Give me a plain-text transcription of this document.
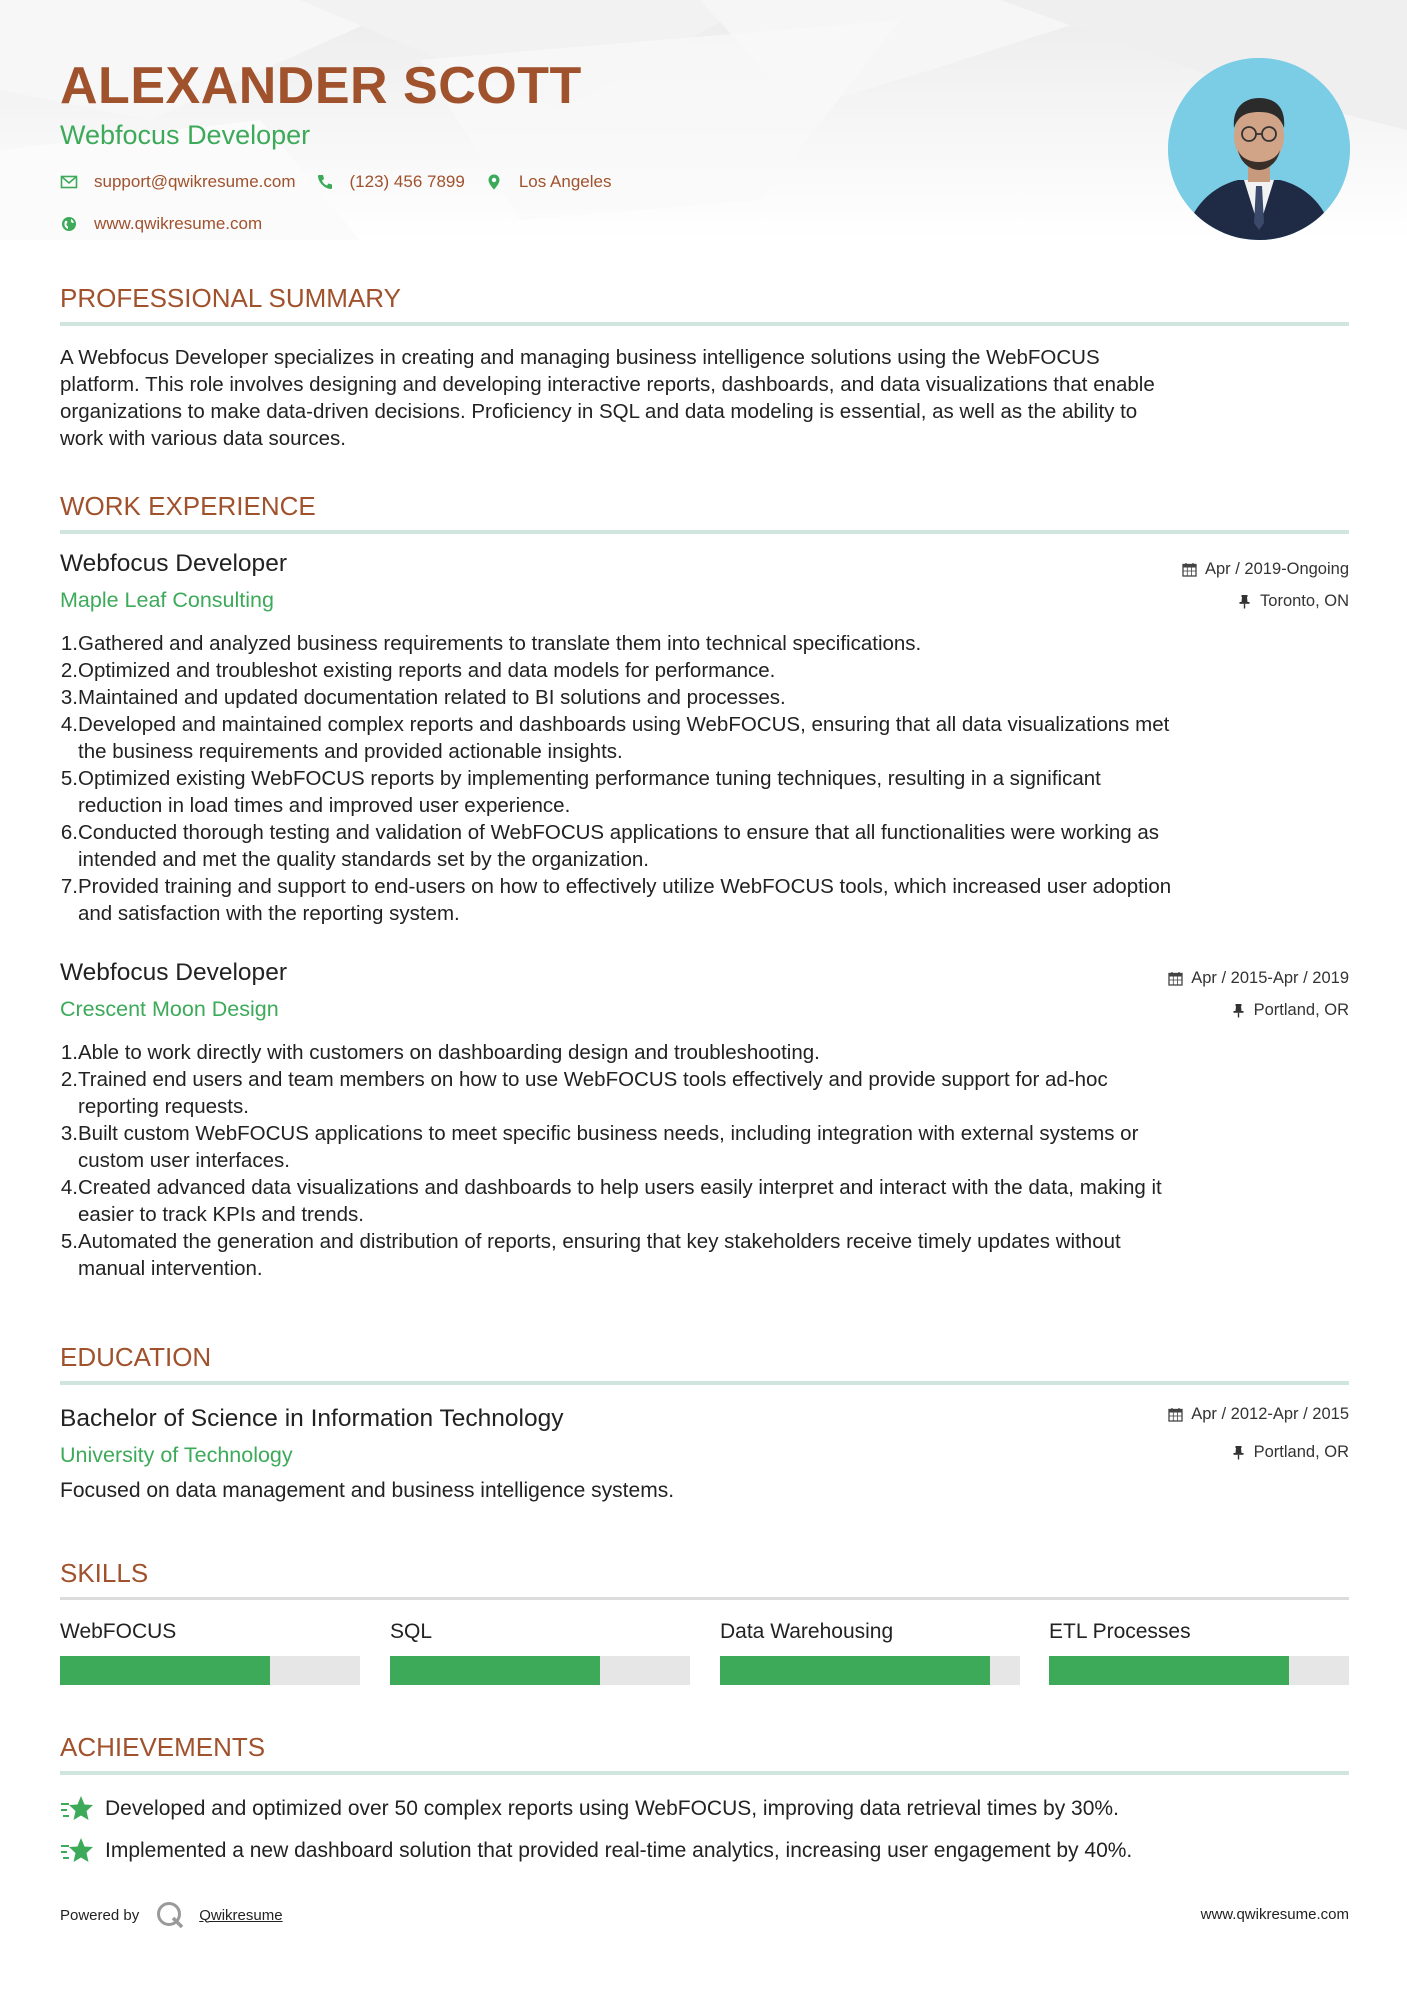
ALEXANDER SCOTT
Webfocus Developer
support@qwikresume.com	(123) 456 7899	Los Angeles
www.qwikresume.com
PROFESSIONAL SUMMARY
A Webfocus Developer specializes in creating and managing business intelligence solutions using the WebFOCUS
platform. This role involves designing and developing interactive reports, dashboards, and data visualizations that enable
organizations to make data-driven decisions. Proficiency in SQL and data modeling is essential, as well as the ability to
work with various data sources.
WORK EXPERIENCE
Webfocus Developer
Maple Leaf Consulting
Apr / 2019-Ongoing
Toronto, ON
1. Gathered and analyzed business requirements to translate them into technical specifications.
2. Optimized and troubleshot existing reports and data models for performance.
3. Maintained and updated documentation related to BI solutions and processes.
4. Developed and maintained complex reports and dashboards using WebFOCUS, ensuring that all data visualizations met
the business requirements and provided actionable insights.
5. Optimized existing WebFOCUS reports by implementing performance tuning techniques, resulting in a significant
reduction in load times and improved user experience.
6. Conducted thorough testing and validation of WebFOCUS applications to ensure that all functionalities were working as
intended and met the quality standards set by the organization.
7. Provided training and support to end-users on how to effectively utilize WebFOCUS tools, which increased user adoption
and satisfaction with the reporting system.
Webfocus Developer
Crescent Moon Design
Apr / 2015-Apr / 2019
Portland, OR
1. Able to work directly with customers on dashboarding design and troubleshooting.
2. Trained end users and team members on how to use WebFOCUS tools effectively and provide support for ad-hoc
reporting requests.
3. Built custom WebFOCUS applications to meet specific business needs, including integration with external systems or
custom user interfaces.
4. Created advanced data visualizations and dashboards to help users easily interpret and interact with the data, making it
easier to track KPIs and trends.
5. Automated the generation and distribution of reports, ensuring that key stakeholders receive timely updates without
manual intervention.
EDUCATION
Bachelor of Science in Information Technology
University of Technology
Apr / 2012-Apr / 2015
Portland, OR
Focused on data management and business intelligence systems.
SKILLS
WebFOCUS	SQL	Data Warehousing	ETL Processes
ACHIEVEMENTS
Developed and optimized over 50 complex reports using WebFOCUS, improving data retrieval times by 30%.
Implemented a new dashboard solution that provided real-time analytics, increasing user engagement by 40%.
Powered by	Qwikresume	www.qwikresume.com
